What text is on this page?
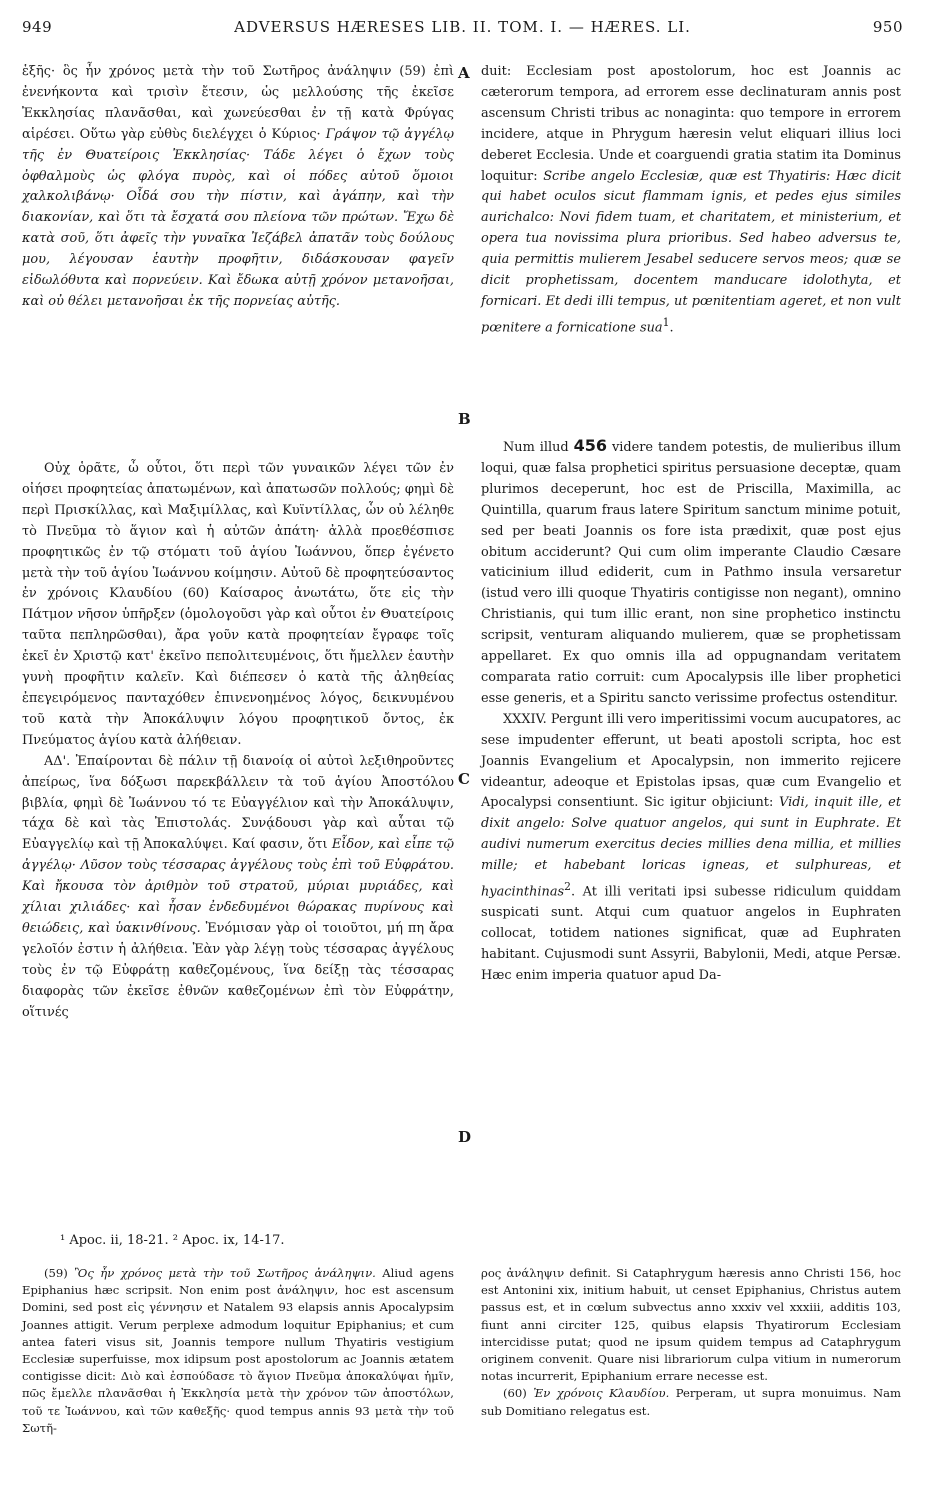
949	ADVERSUS HÆRESES LIB. II. TOM. I. — HÆRES. LI.	950
A
B
C
D

ἑξῆς· ὃς ἦν χρόνος μετὰ τὴν τοῦ Σωτῆρος ἀνάληψιν (59) ἐπὶ ἐνενήκοντα καὶ τρισὶν ἔτεσιν, ὡς μελλούσης τῆς ἐκεῖσε Ἐκκλησίας πλανᾶσθαι, καὶ χωνεύεσθαι ἐν τῇ κατὰ Φρύγας αἱρέσει. Οὕτω γὰρ εὐθὺς διελέγχει ὁ Κύριος· Γράψον τῷ ἀγγέλῳ τῆς ἐν Θυατείροις Ἐκκλησίας· Τάδε λέγει ὁ ἔχων τοὺς ὀφθαλμοὺς ὡς φλόγα πυρὸς, καὶ οἱ πόδες αὐτοῦ ὅμοιοι χαλκολιβάνῳ· Οἶδά σου τὴν πίστιν, καὶ ἀγάπην, καὶ τὴν διακονίαν, καὶ ὅτι τὰ ἔσχατά σου πλείονα τῶν πρώτων. Ἔχω δὲ κατὰ σοῦ, ὅτι ἀφεῖς τὴν γυναῖκα Ἰεζάβελ ἀπατᾶν τοὺς δούλους μου, λέγουσαν ἑαυτὴν προφῆτιν, διδάσκουσαν φαγεῖν εἰδωλόθυτα καὶ πορνεύειν. Καὶ ἔδωκα αὐτῇ χρόνον μετανοῆσαι, καὶ οὐ θέλει μετανοῆσαι ἐκ τῆς πορνείας αὐτῆς.

Οὐχ ὁρᾶτε, ὦ οὗτοι, ὅτι περὶ τῶν γυναικῶν λέγει τῶν ἐν οἰήσει προφητείας ἀπατωμένων, καὶ ἀπατωσῶν πολλούς; φημὶ δὲ περὶ Πρισκίλλας, καὶ Μαξιμίλλας, καὶ Κυϊντίλλας, ὧν οὐ λέληθε τὸ Πνεῦμα τὸ ἅγιον καὶ ἡ αὐτῶν ἀπάτη· ἀλλὰ προεθέσπισε προφητικῶς ἐν τῷ στόματι τοῦ ἁγίου Ἰωάννου, ὅπερ ἐγένετο μετὰ τὴν τοῦ ἁγίου Ἰωάννου κοίμησιν. Αὐτοῦ δὲ προφητεύσαντος ἐν χρόνοις Κλαυδίου (60) Καίσαρος ἀνωτάτω, ὅτε εἰς τὴν Πάτμον νῆσον ὑπῆρξεν (ὁμολογοῦσι γὰρ καὶ οὗτοι ἐν Θυατείροις ταῦτα πεπληρῶσθαι), ἄρα γοῦν κατὰ προφητείαν ἔγραφε τοῖς ἐκεῖ ἐν Χριστῷ κατ' ἐκεῖνο πεπολιτευμένοις, ὅτι ἤμελλεν ἑαυτὴν γυνὴ προφῆτιν καλεῖν. Καὶ διέπεσεν ὁ κατὰ τῆς ἀληθείας ἐπεγειρόμενος πανταχόθεν ἐπινενοημένος λόγος, δεικνυμένου τοῦ κατὰ τὴν Ἀποκάλυψιν λόγου προφητικοῦ ὄντος, ἐκ Πνεύματος ἁγίου κατὰ ἀλήθειαν.

ΑΔ'. Ἐπαίρονται δὲ πάλιν τῇ διανοίᾳ οἱ αὐτοὶ λεξιθηροῦντες ἀπείρως, ἵνα δόξωσι παρεκβάλλειν τὰ τοῦ ἁγίου Ἀποστόλου βιβλία, φημὶ δὲ Ἰωάννου τό τε Εὐαγγέλιον καὶ τὴν Ἀποκάλυψιν, τάχα δὲ καὶ τὰς Ἐπιστολάς. Συνᾴδουσι γὰρ καὶ αὗται τῷ Εὐαγγελίῳ καὶ τῇ Ἀποκαλύψει. Καί φασιν, ὅτι Εἶδον, καὶ εἶπε τῷ ἀγγέλῳ· Λῦσον τοὺς τέσσαρας ἀγγέλους τοὺς ἐπὶ τοῦ Εὐφράτου. Καὶ ἤκουσα τὸν ἀριθμὸν τοῦ στρατοῦ, μύριαι μυριάδες, καὶ χίλιαι χιλιάδες· καὶ ἦσαν ἐνδεδυμένοι θώρακας πυρίνους καὶ θειώδεις, καὶ ὑακινθίνους. Ἐνόμισαν γὰρ οἱ τοιοῦτοι, μή πη ἄρα γελοῖόν ἐστιν ἡ ἀλήθεια. Ἐὰν γὰρ λέγῃ τοὺς τέσσαρας ἀγγέλους τοὺς ἐν τῷ Εὐφράτῃ καθεζομένους, ἵνα δείξῃ τὰς τέσσαρας διαφορὰς τῶν ἐκεῖσε ἐθνῶν καθεζομένων ἐπὶ τὸν Εὐφράτην, οἵτινές

duit: Ecclesiam post apostolorum, hoc est Joannis ac cæterorum tempora, ad errorem esse declinaturam annis post ascensum Christi tribus ac nonaginta: quo tempore in errorem incidere, atque in Phrygum hæresin velut eliquari illius loci deberet Ecclesia. Unde et coarguendi gratia statim ita Dominus loquitur: Scribe angelo Ecclesiæ, quæ est Thyatiris: Hæc dicit qui habet oculos sicut flammam ignis, et pedes ejus similes aurichalco: Novi fidem tuam, et charitatem, et ministerium, et opera tua novissima plura prioribus. Sed habeo adversus te, quia permittis mulierem Jesabel seducere servos meos; quæ se dicit prophetissam, docentem manducare idolothyta, et fornicari. Et dedi illi tempus, ut pœnitentiam ageret, et non vult pœnitere a fornicatione sua$^1$.

Num illud 456 videre tandem potestis, de mulieribus illum loqui, quæ falsa prophetici spiritus persuasione deceptæ, quam plurimos deceperunt, hoc est de Priscilla, Maximilla, ac Quintilla, quarum fraus latere Spiritum sanctum minime potuit, sed per beati Joannis os fore ista prædixit, quæ post ejus obitum acciderunt? Qui cum olim imperante Claudio Cæsare vaticinium illud ediderit, cum in Pathmo insula versaretur (istud vero illi quoque Thyatiris contigisse non negant), omnino Christianis, qui tum illic erant, non sine prophetico instinctu scripsit, venturam aliquando mulierem, quæ se prophetissam appellaret. Ex quo omnis illa ad oppugnandam veritatem comparata ratio corruit: cum Apocalypsis ille liber prophetici esse generis, et a Spiritu sancto verissime profectus ostenditur.

XXXIV. Pergunt illi vero imperitissimi vocum aucupatores, ac sese impudenter efferunt, ut beati apostoli scripta, hoc est Joannis Evangelium et Apocalypsin, non immerito rejicere videantur, adeoque et Epistolas ipsas, quæ cum Evangelio et Apocalypsi consentiunt. Sic igitur objiciunt: Vidi, inquit ille, et dixit angelo: Solve quatuor angelos, qui sunt in Euphrate. Et audivi numerum exercitus decies millies dena millia, et millies mille; et habebant loricas igneas, et sulphureas, et hyacinthinas$^2$. At illi veritati ipsi subesse ridiculum quiddam suspicati sunt. Atqui cum quatuor angelos in Euphraten collocat, totidem nationes significat, quæ ad Euphraten habitant. Cujusmodi sunt Assyrii, Babylonii, Medi, atque Persæ. Hæc enim imperia quatuor apud Da-

¹ Apoc. ii, 18-21. ² Apoc. ix, 14-17.

(59) Ὃς ἦν χρόνος μετὰ τὴν τοῦ Σωτῆρος ἀνάληψιν. Aliud agens Epiphanius hæc scripsit. Non enim post ἀνάληψιν, hoc est ascensum Domini, sed post εἰς γέννησιν et Natalem 93 elapsis annis Apocalypsim Joannes attigit. Verum perplexe admodum loquitur Epiphanius; et cum antea fateri visus sit, Joannis tempore nullum Thyatiris vestigium Ecclesiæ superfuisse, mox idipsum post apostolorum ac Joannis ætatem contigisse dicit: Διὸ καὶ ἐσπούδασε τὸ ἅγιον Πνεῦμα ἀποκαλύψαι ἡμῖν, πῶς ἔμελλε πλανᾶσθαι ἡ Ἐκκλησία μετὰ τὴν χρόνον τῶν ἀποστόλων, τοῦ τε Ἰωάννου, καὶ τῶν καθεξῆς· quod tempus annis 93 μετὰ τὴν τοῦ Σωτῆ-

ρος ἀνάληψιν definit. Si Cataphrygum hæresis anno Christi 156, hoc est Antonini xix, initium habuit, ut censet Epiphanius, Christus autem passus est, et in cœlum subvectus anno xxxiv vel xxxiii, additis 103, fiunt anni circiter 125, quibus elapsis Thyatirorum Ecclesiam intercidisse putat; quod ne ipsum quidem tempus ad Cataphrygum originem convenit. Quare nisi librariorum culpa vitium in numerorum notas incurrerit, Epiphanium errare necesse est.

(60) Ἐν χρόνοις Κλαυδίου. Perperam, ut supra monuimus. Nam sub Domitiano relegatus est.
